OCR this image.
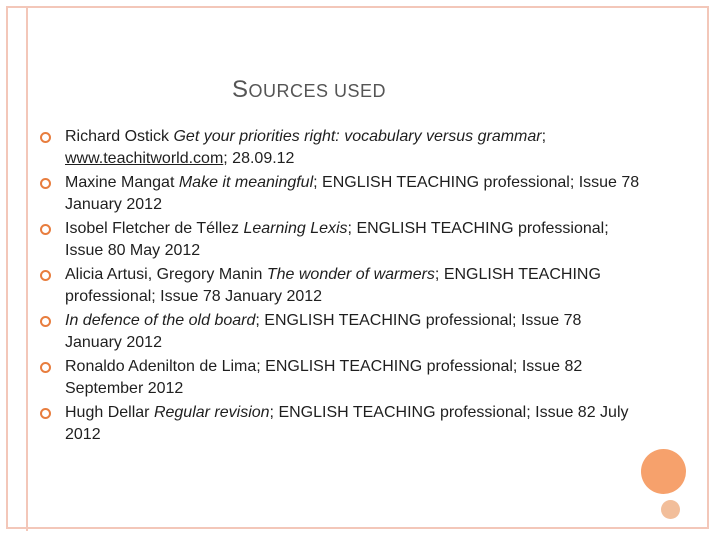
SOURCES USED
Richard Ostick Get your priorities right: vocabulary versus grammar; www.teachitworld.com; 28.09.12
Maxine Mangat Make it meaningful; ENGLISH TEACHING professional; Issue 78 January 2012
Isobel Fletcher de Téllez Learning Lexis; ENGLISH TEACHING professional; Issue 80 May 2012
Alicia Artusi, Gregory Manin The wonder of warmers; ENGLISH TEACHING professional; Issue 78 January 2012
In defence of the old board; ENGLISH TEACHING professional; Issue 78 January 2012
Ronaldo Adenilton de Lima; ENGLISH TEACHING professional; Issue 82 September 2012
Hugh Dellar Regular revision; ENGLISH TEACHING professional; Issue 82 July 2012
